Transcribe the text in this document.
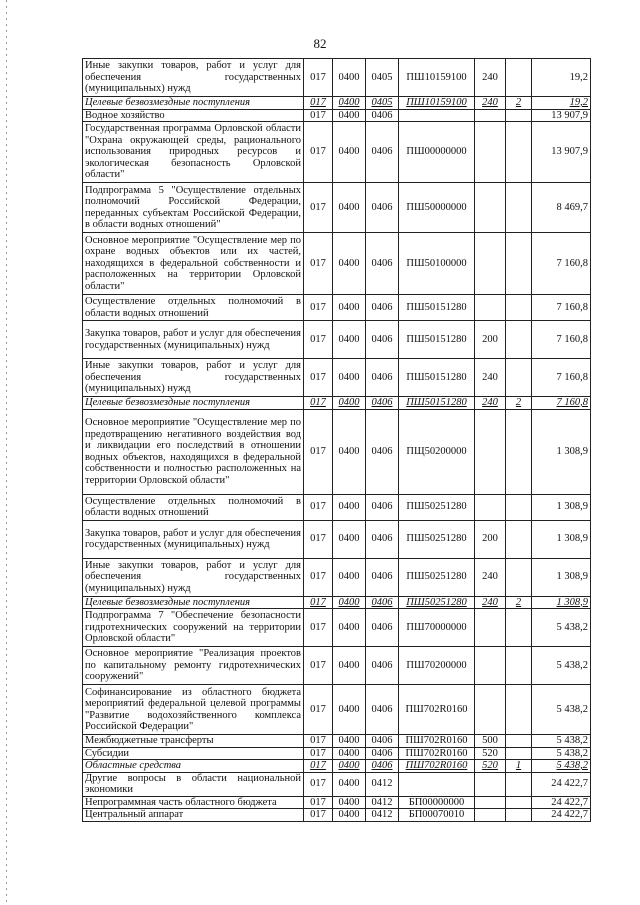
82
Иные закупки товаров, работ и услуг для обеспечения государственных (муниципальных) нужд	017	0400	0405	ПШ10159100	240		19,2
Целевые безвозмездные поступления	017	0400	0405	ПШ10159100	240	2	19,2
Водное хозяйство	017	0400	0406				13 907,9
Государственная программа Орловской области "Охрана окружающей среды, рационального использования природных ресурсов и экологическая безопасность Орловской области"	017	0400	0406	ПШ00000000			13 907,9
Подпрограмма 5 "Осуществление отдельных полномочий Российской Федерации, переданных субъектам Российской Федерации, в области водных отношений"	017	0400	0406	ПШ50000000			8 469,7
Основное мероприятие "Осуществление мер по охране водных объектов или их частей, находящихся в федеральной собственности и расположенных на территории Орловской области"	017	0400	0406	ПШ50100000			7 160,8
Осуществление отдельных полномочий в области водных отношений	017	0400	0406	ПШ50151280			7 160,8
Закупка товаров, работ и услуг для обеспечения государственных (муниципальных) нужд	017	0400	0406	ПШ50151280	200		7 160,8
Иные закупки товаров, работ и услуг для обеспечения государственных (муниципальных) нужд	017	0400	0406	ПШ50151280	240		7 160,8
Целевые безвозмездные поступления	017	0400	0406	ПШ50151280	240	2	7 160,8
Основное мероприятие "Осуществление мер по предотвращению негативного воздействия вод и ликвидации его последствий в отношении водных объектов, находящихся в федеральной собственности и полностью расположенных на территории Орловской области"	017	0400	0406	ПЩ50200000			1 308,9
Осуществление отдельных полномочий в области водных отношений	017	0400	0406	ПШ50251280			1 308,9
Закупка товаров, работ и услуг для обеспечения государственных (муниципальных) нужд	017	0400	0406	ПШ50251280	200		1 308,9
Иные закупки товаров, работ и услуг для обеспечения государственных (муниципальных) нужд	017	0400	0406	ПШ50251280	240		1 308,9
Целевые безвозмездные поступления	017	0400	0406	ПШ50251280	240	2	1 308,9
Подпрограмма 7 "Обеспечение безопасности гидротехнических сооружений на территории Орловской области"	017	0400	0406	ПШ70000000			5 438,2
Основное мероприятие "Реализация проектов по капитальному ремонту гидротехнических сооружений"	017	0400	0406	ПШ70200000			5 438,2
Софинансирование из областного бюджета мероприятий федеральной целевой программы "Развитие водохозяйственного комплекса Российской Федерации"	017	0400	0406	ПШ702R0160			5 438,2
Межбюджетные трансферты	017	0400	0406	ПШ702R0160	500		5 438,2
Субсидии	017	0400	0406	ПШ702R0160	520		5 438,2
Областные средства	017	0400	0406	ПШ702R0160	520	1	5 438,2
Другие вопросы в области национальной экономики	017	0400	0412				24 422,7
Непрограммная часть областного бюджета	017	0400	0412	БП00000000			24 422,7
Центральный аппарат	017	0400	0412	БП00070010			24 422,7
